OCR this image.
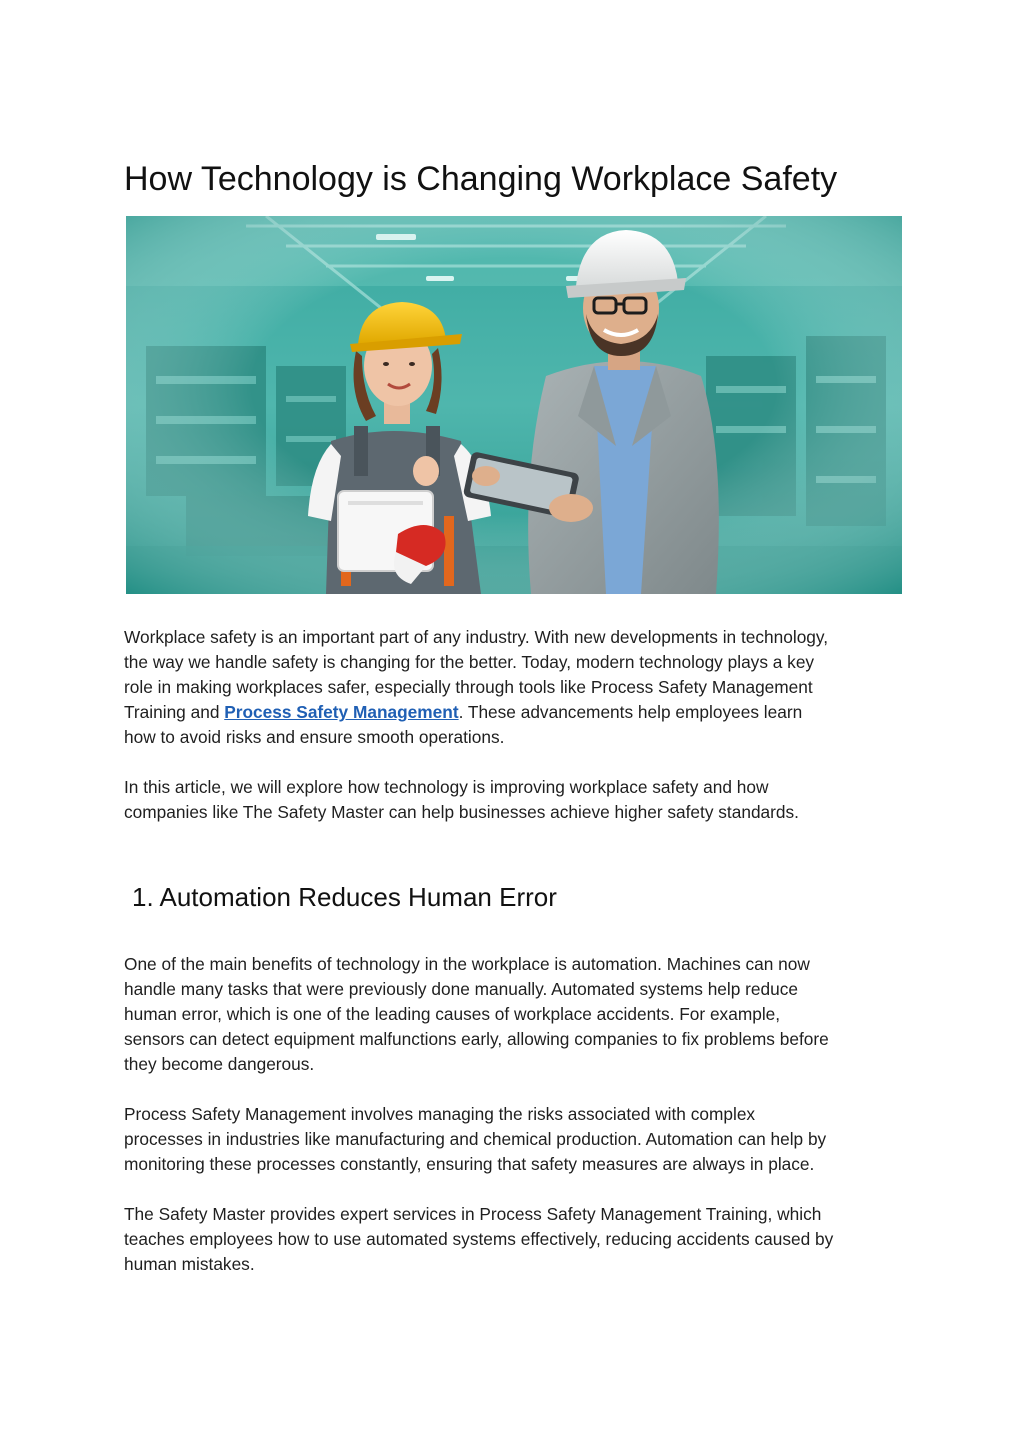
How Technology is Changing Workplace Safety

Workplace safety is an important part of any industry. With new developments in technology,
the way we handle safety is changing for the better. Today, modern technology plays a key
role in making workplaces safer, especially through tools like Process Safety Management
Training and Process Safety Management. These advancements help employees learn
how to avoid risks and ensure smooth operations.

In this article, we will explore how technology is improving workplace safety and how
companies like The Safety Master can help businesses achieve higher safety standards.

1. Automation Reduces Human Error

One of the main benefits of technology in the workplace is automation. Machines can now
handle many tasks that were previously done manually. Automated systems help reduce
human error, which is one of the leading causes of workplace accidents. For example,
sensors can detect equipment malfunctions early, allowing companies to fix problems before
they become dangerous.

Process Safety Management involves managing the risks associated with complex
processes in industries like manufacturing and chemical production. Automation can help by
monitoring these processes constantly, ensuring that safety measures are always in place.

The Safety Master provides expert services in Process Safety Management Training, which
teaches employees how to use automated systems effectively, reducing accidents caused by
human mistakes.
